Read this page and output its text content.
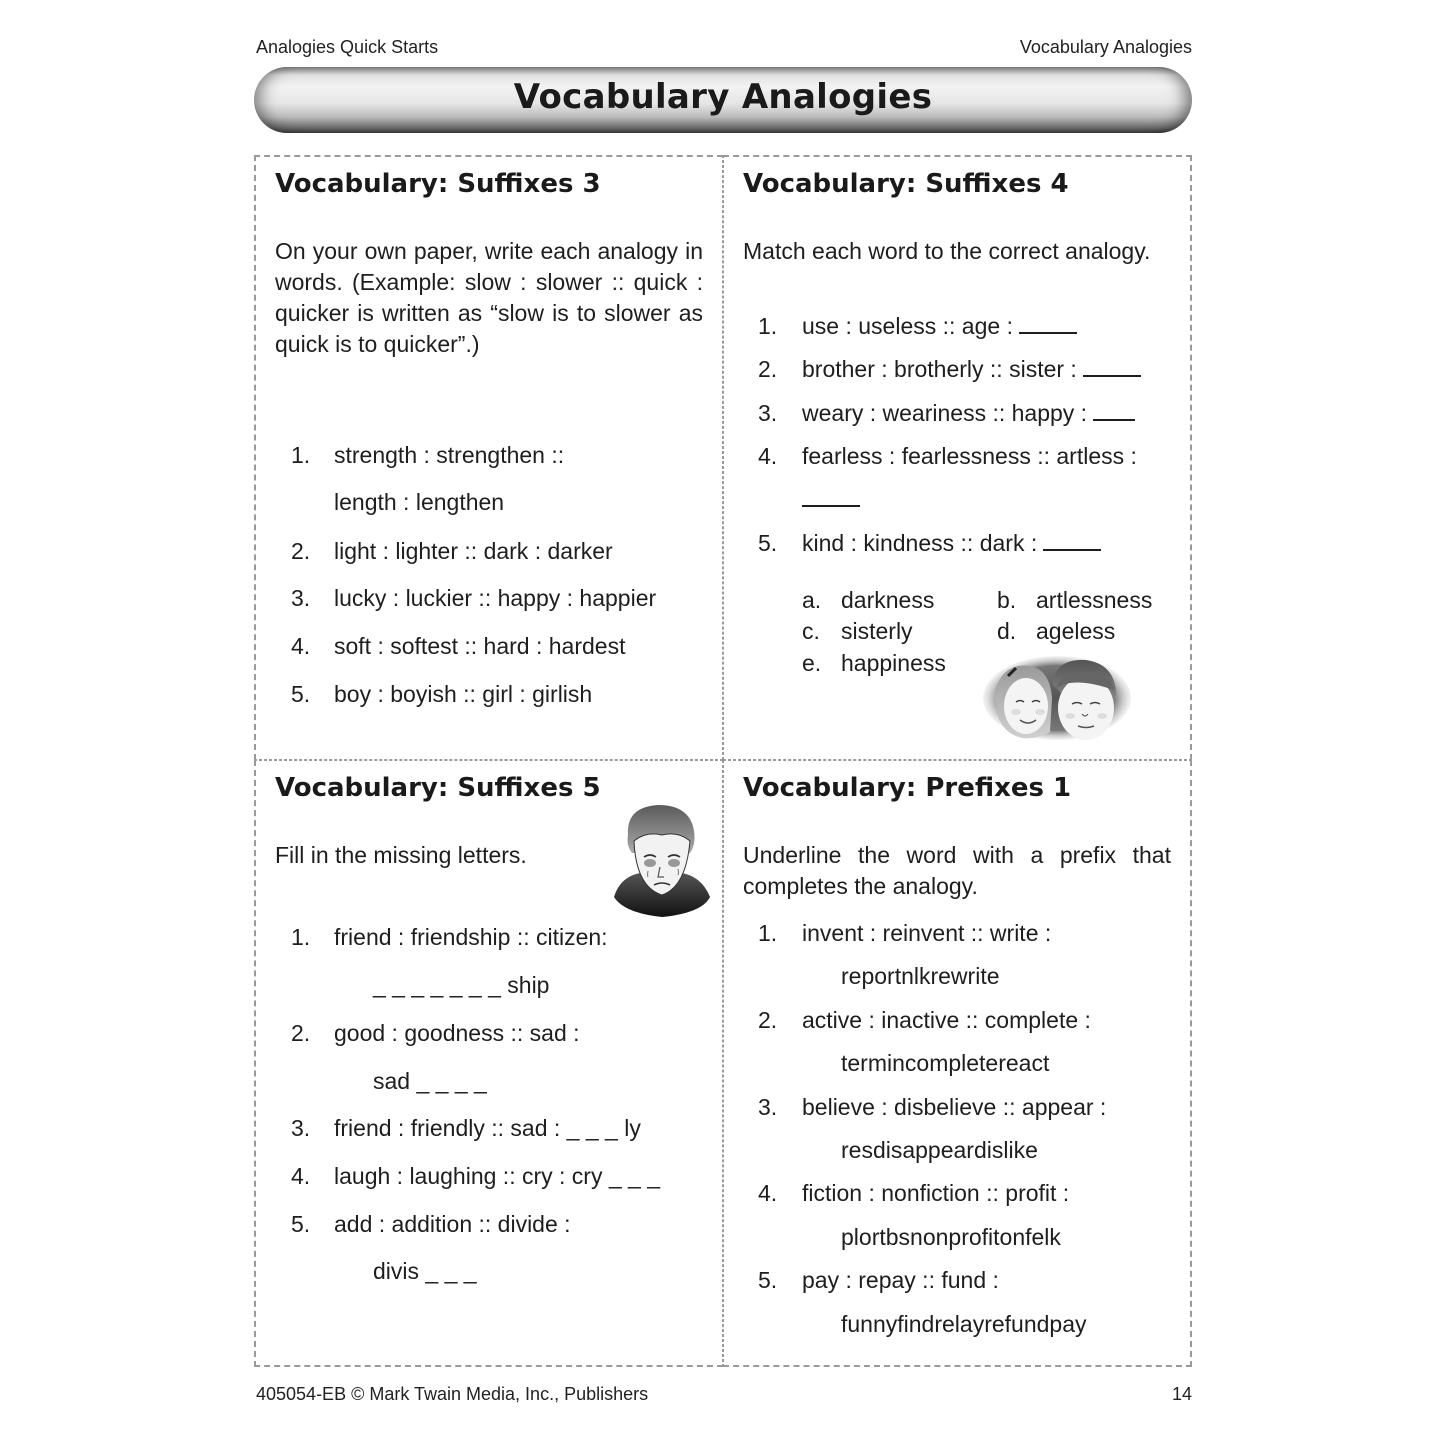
Analogies Quick Starts	Vocabulary Analogies
Vocabulary Analogies
Vocabulary: Suffixes 3
On your own paper, write each analogy in words. (Example: slow : slower :: quick : quicker is written as “slow is to slower as quick is to quicker”.)
1. strength : strengthen ::
length : lengthen
2. light : lighter :: dark : darker
3. lucky : luckier :: happy : happier
4. soft : softest :: hard : hardest
5. boy : boyish :: girl : girlish
Vocabulary: Suffixes 4
Match each word to the correct analogy.
1. use : useless :: age :
2. brother : brotherly :: sister :
3. weary : weariness :: happy :
4. fearless : fearlessness :: artless :
5. kind : kindness :: dark :
a. darkness	b. artlessness
c. sisterly	d. ageless
e. happiness
Vocabulary: Suffixes 5
Fill in the missing letters.
1. friend : friendship :: citizen:
_ _ _ _ _ _ _ ship
2. good : goodness :: sad :
sad _ _ _ _
3. friend : friendly :: sad : _ _ _ ly
4. laugh : laughing :: cry : cry _ _ _
5. add : addition :: divide :
divis _ _ _
Vocabulary: Prefixes 1
Underline the word with a prefix that completes the analogy.
1. invent : reinvent :: write :
reportnlkrewrite
2. active : inactive :: complete :
termincompletereact
3. believe : disbelieve :: appear :
resdisappeardislike
4. fiction : nonfiction :: profit :
plortbsnonprofitonfelk
5. pay : repay :: fund :
funnyfindrelayrefundpay
405054-EB © Mark Twain Media, Inc., Publishers	14
